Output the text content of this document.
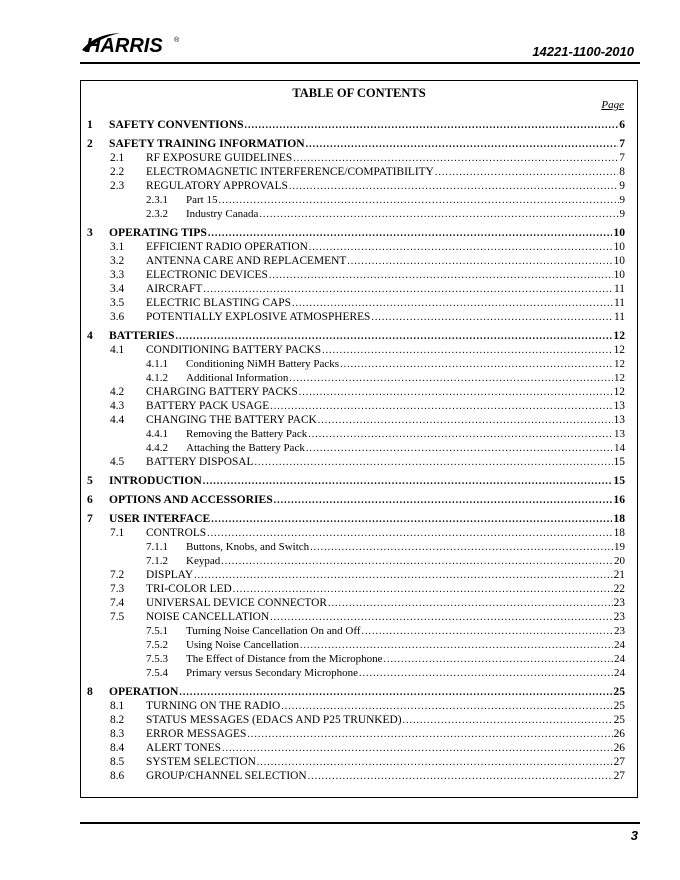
HARRIS ®
14221-1100-2010
TABLE OF CONTENTS
Page
1	SAFETY CONVENTIONS .....	6
2	SAFETY TRAINING INFORMATION .....	7
2.1	RF EXPOSURE GUIDELINES .....	7
2.2	ELECTROMAGNETIC INTERFERENCE/COMPATIBILITY .....	8
2.3	REGULATORY APPROVALS .....	9
2.3.1	Part 15 .....	9
2.3.2	Industry Canada .....	9
3	OPERATING TIPS .....	10
3.1	EFFICIENT RADIO OPERATION .....	10
3.2	ANTENNA CARE AND REPLACEMENT .....	10
3.3	ELECTRONIC DEVICES .....	10
3.4	AIRCRAFT .....	11
3.5	ELECTRIC BLASTING CAPS .....	11
3.6	POTENTIALLY EXPLOSIVE ATMOSPHERES .....	11
4	BATTERIES .....	12
4.1	CONDITIONING BATTERY PACKS .....	12
4.1.1	Conditioning NiMH Battery Packs .....	12
4.1.2	Additional Information .....	12
4.2	CHARGING BATTERY PACKS .....	12
4.3	BATTERY PACK USAGE .....	13
4.4	CHANGING THE BATTERY PACK .....	13
4.4.1	Removing the Battery Pack .....	13
4.4.2	Attaching the Battery Pack .....	14
4.5	BATTERY DISPOSAL .....	15
5	INTRODUCTION .....	15
6	OPTIONS AND ACCESSORIES .....	16
7	USER INTERFACE .....	18
7.1	CONTROLS .....	18
7.1.1	Buttons, Knobs, and Switch .....	19
7.1.2	Keypad .....	20
7.2	DISPLAY .....	21
7.3	TRI-COLOR LED .....	22
7.4	UNIVERSAL DEVICE CONNECTOR .....	23
7.5	NOISE CANCELLATION .....	23
7.5.1	Turning Noise Cancellation On and Off .....	23
7.5.2	Using Noise Cancellation .....	24
7.5.3	The Effect of Distance from the Microphone .....	24
7.5.4	Primary versus Secondary Microphone .....	24
8	OPERATION .....	25
8.1	TURNING ON THE RADIO .....	25
8.2	STATUS MESSAGES (EDACS AND P25 TRUNKED) .....	25
8.3	ERROR MESSAGES .....	26
8.4	ALERT TONES .....	26
8.5	SYSTEM SELECTION .....	27
8.6	GROUP/CHANNEL SELECTION .....	27
3
